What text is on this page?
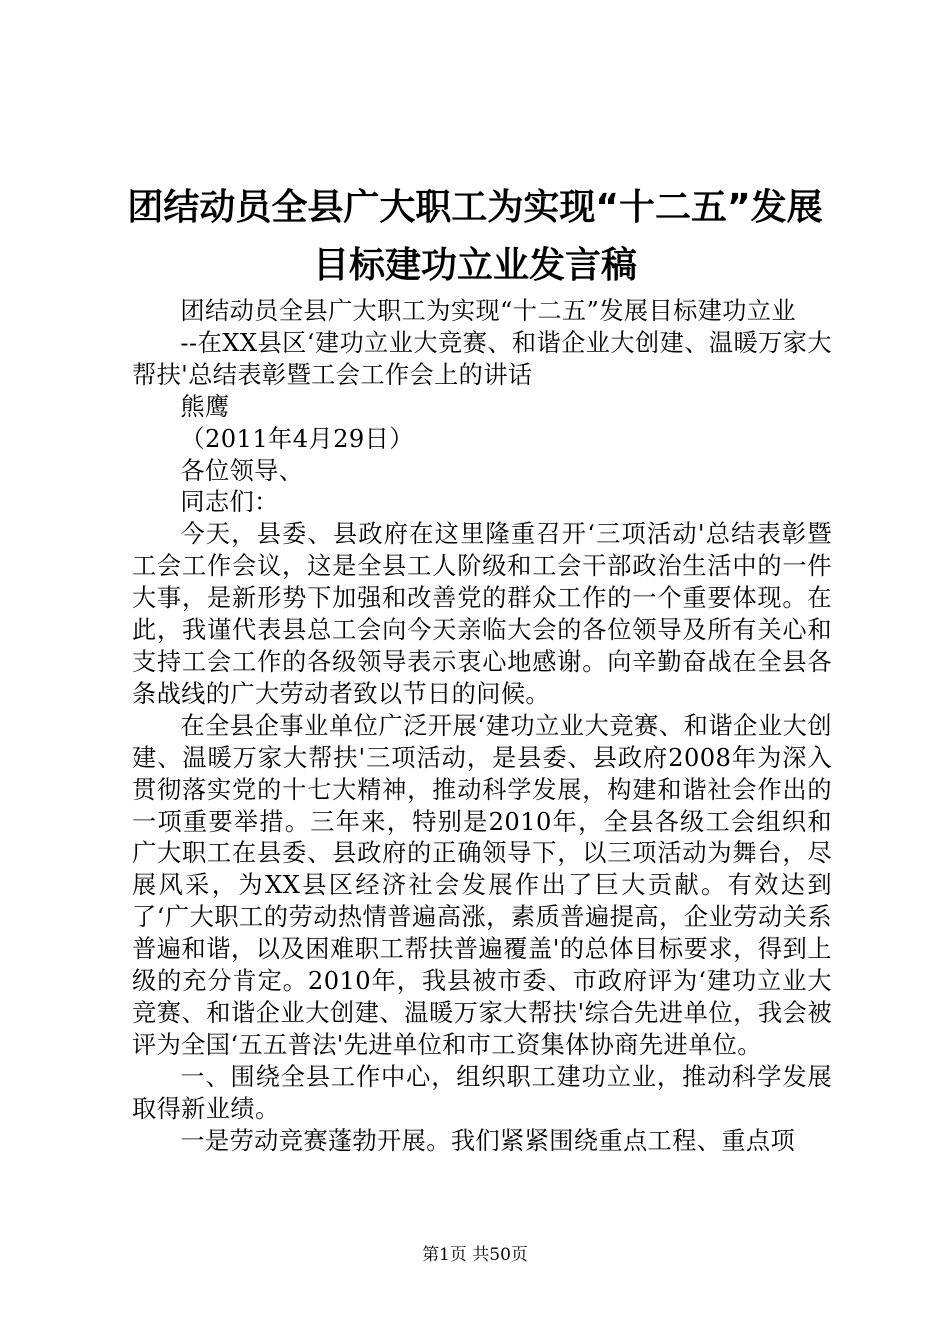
团结动员全县广大职工为实现“十二五”发展
目标建功立业发言稿

团结动员全县广大职工为实现“十二五”发展目标建功立业

--在XX县区‘建功立业大竞赛、和谐企业大创建、温暖万家大帮扶'总结表彰暨工会工作会上的讲话

熊鹰

（2011年4月29日）

各位领导、

同志们：

今天，县委、县政府在这里隆重召开‘三项活动'总结表彰暨工会工作会议，这是全县工人阶级和工会干部政治生活中的一件大事，是新形势下加强和改善党的群众工作的一个重要体现。在此，我谨代表县总工会向今天亲临大会的各位领导及所有关心和支持工会工作的各级领导表示衷心地感谢。向辛勤奋战在全县各条战线的广大劳动者致以节日的问候。

在全县企事业单位广泛开展‘建功立业大竞赛、和谐企业大创建、温暖万家大帮扶'三项活动，是县委、县政府2008年为深入贯彻落实党的十七大精神，推动科学发展，构建和谐社会作出的一项重要举措。三年来，特别是2010年，全县各级工会组织和广大职工在县委、县政府的正确领导下，以三项活动为舞台，尽展风采，为XX县区经济社会发展作出了巨大贡献。有效达到了‘广大职工的劳动热情普遍高涨，素质普遍提高，企业劳动关系普遍和谐，以及困难职工帮扶普遍覆盖'的总体目标要求，得到上级的充分肯定。2010年，我县被市委、市政府评为‘建功立业大竞赛、和谐企业大创建、温暖万家大帮扶'综合先进单位，我会被评为全国‘五五普法'先进单位和市工资集体协商先进单位。

一、围绕全县工作中心，组织职工建功立业，推动科学发展取得新业绩。

一是劳动竞赛蓬勃开展。我们紧紧围绕重点工程、重点项

第1页 共50页
